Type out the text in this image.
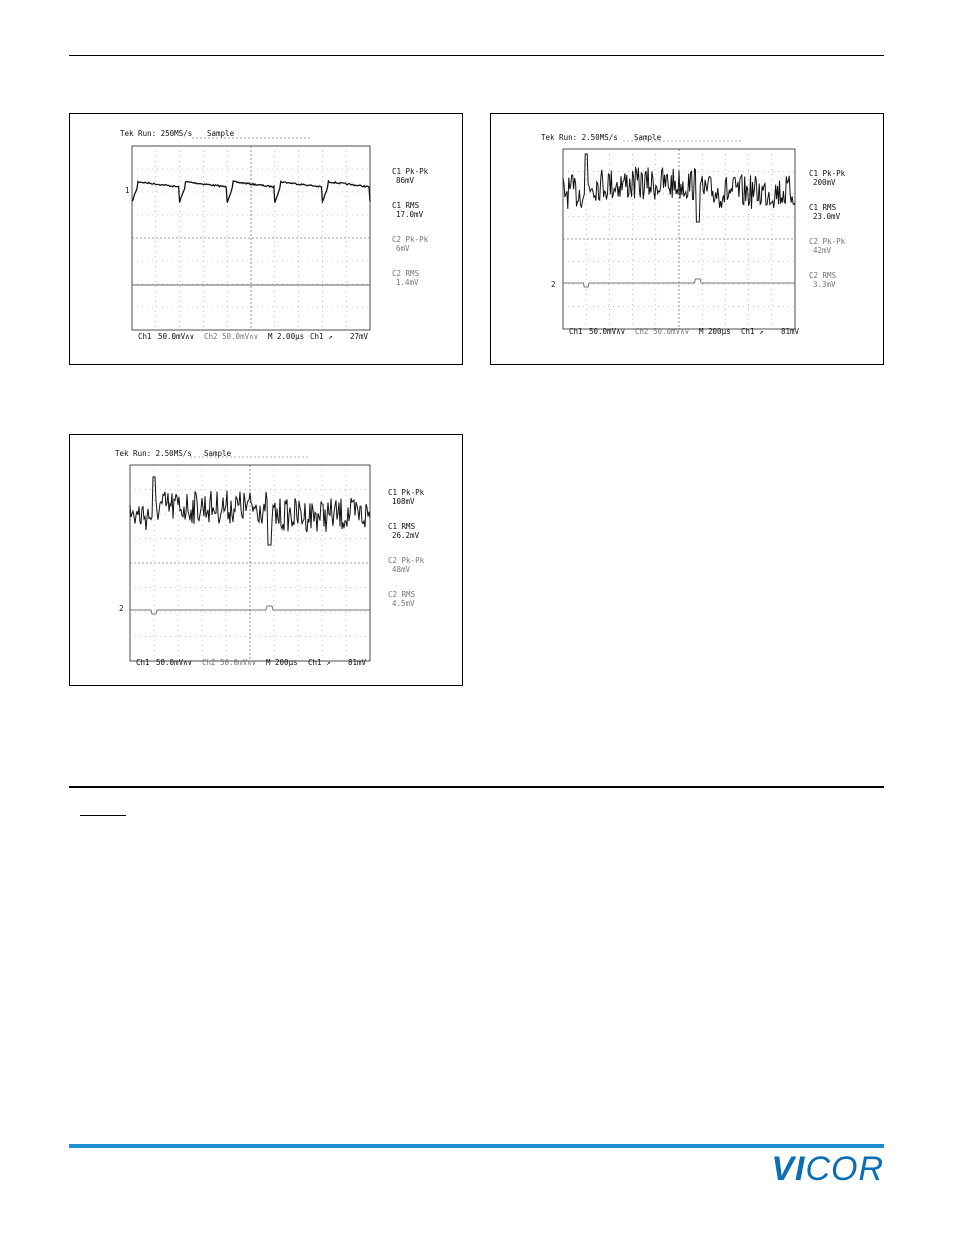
Tek Run: 250MS/s Sample
1
C1 Pk-Pk
86mV
C1 RMS
17.0mV
C2 Pk-Pk
6mV
C2 RMS
1.4mV
Ch1 50.0mV∧∨ Ch2 50.0mV∧∨ M 2.00µs Ch1 ↗ 27mV
Tek Run: 2.50MS/s Sample
2
C1 Pk-Pk
200mV
C1 RMS
23.0mV
C2 Pk-Pk
42mV
C2 RMS
3.3mV
Ch1 50.0mV∧∨ Ch2 50.0mV∧∨ M 200µs Ch1 ↗ 81mV
Tek Run: 2.50MS/s Sample
2
C1 Pk-Pk
108mV
C1 RMS
26.2mV
C2 Pk-Pk
48mV
C2 RMS
4.5mV
Ch1 50.0mV∧∨ Ch2 50.0mV∧∨ M 200µs Ch1 ↗ 81mV
VICOR
